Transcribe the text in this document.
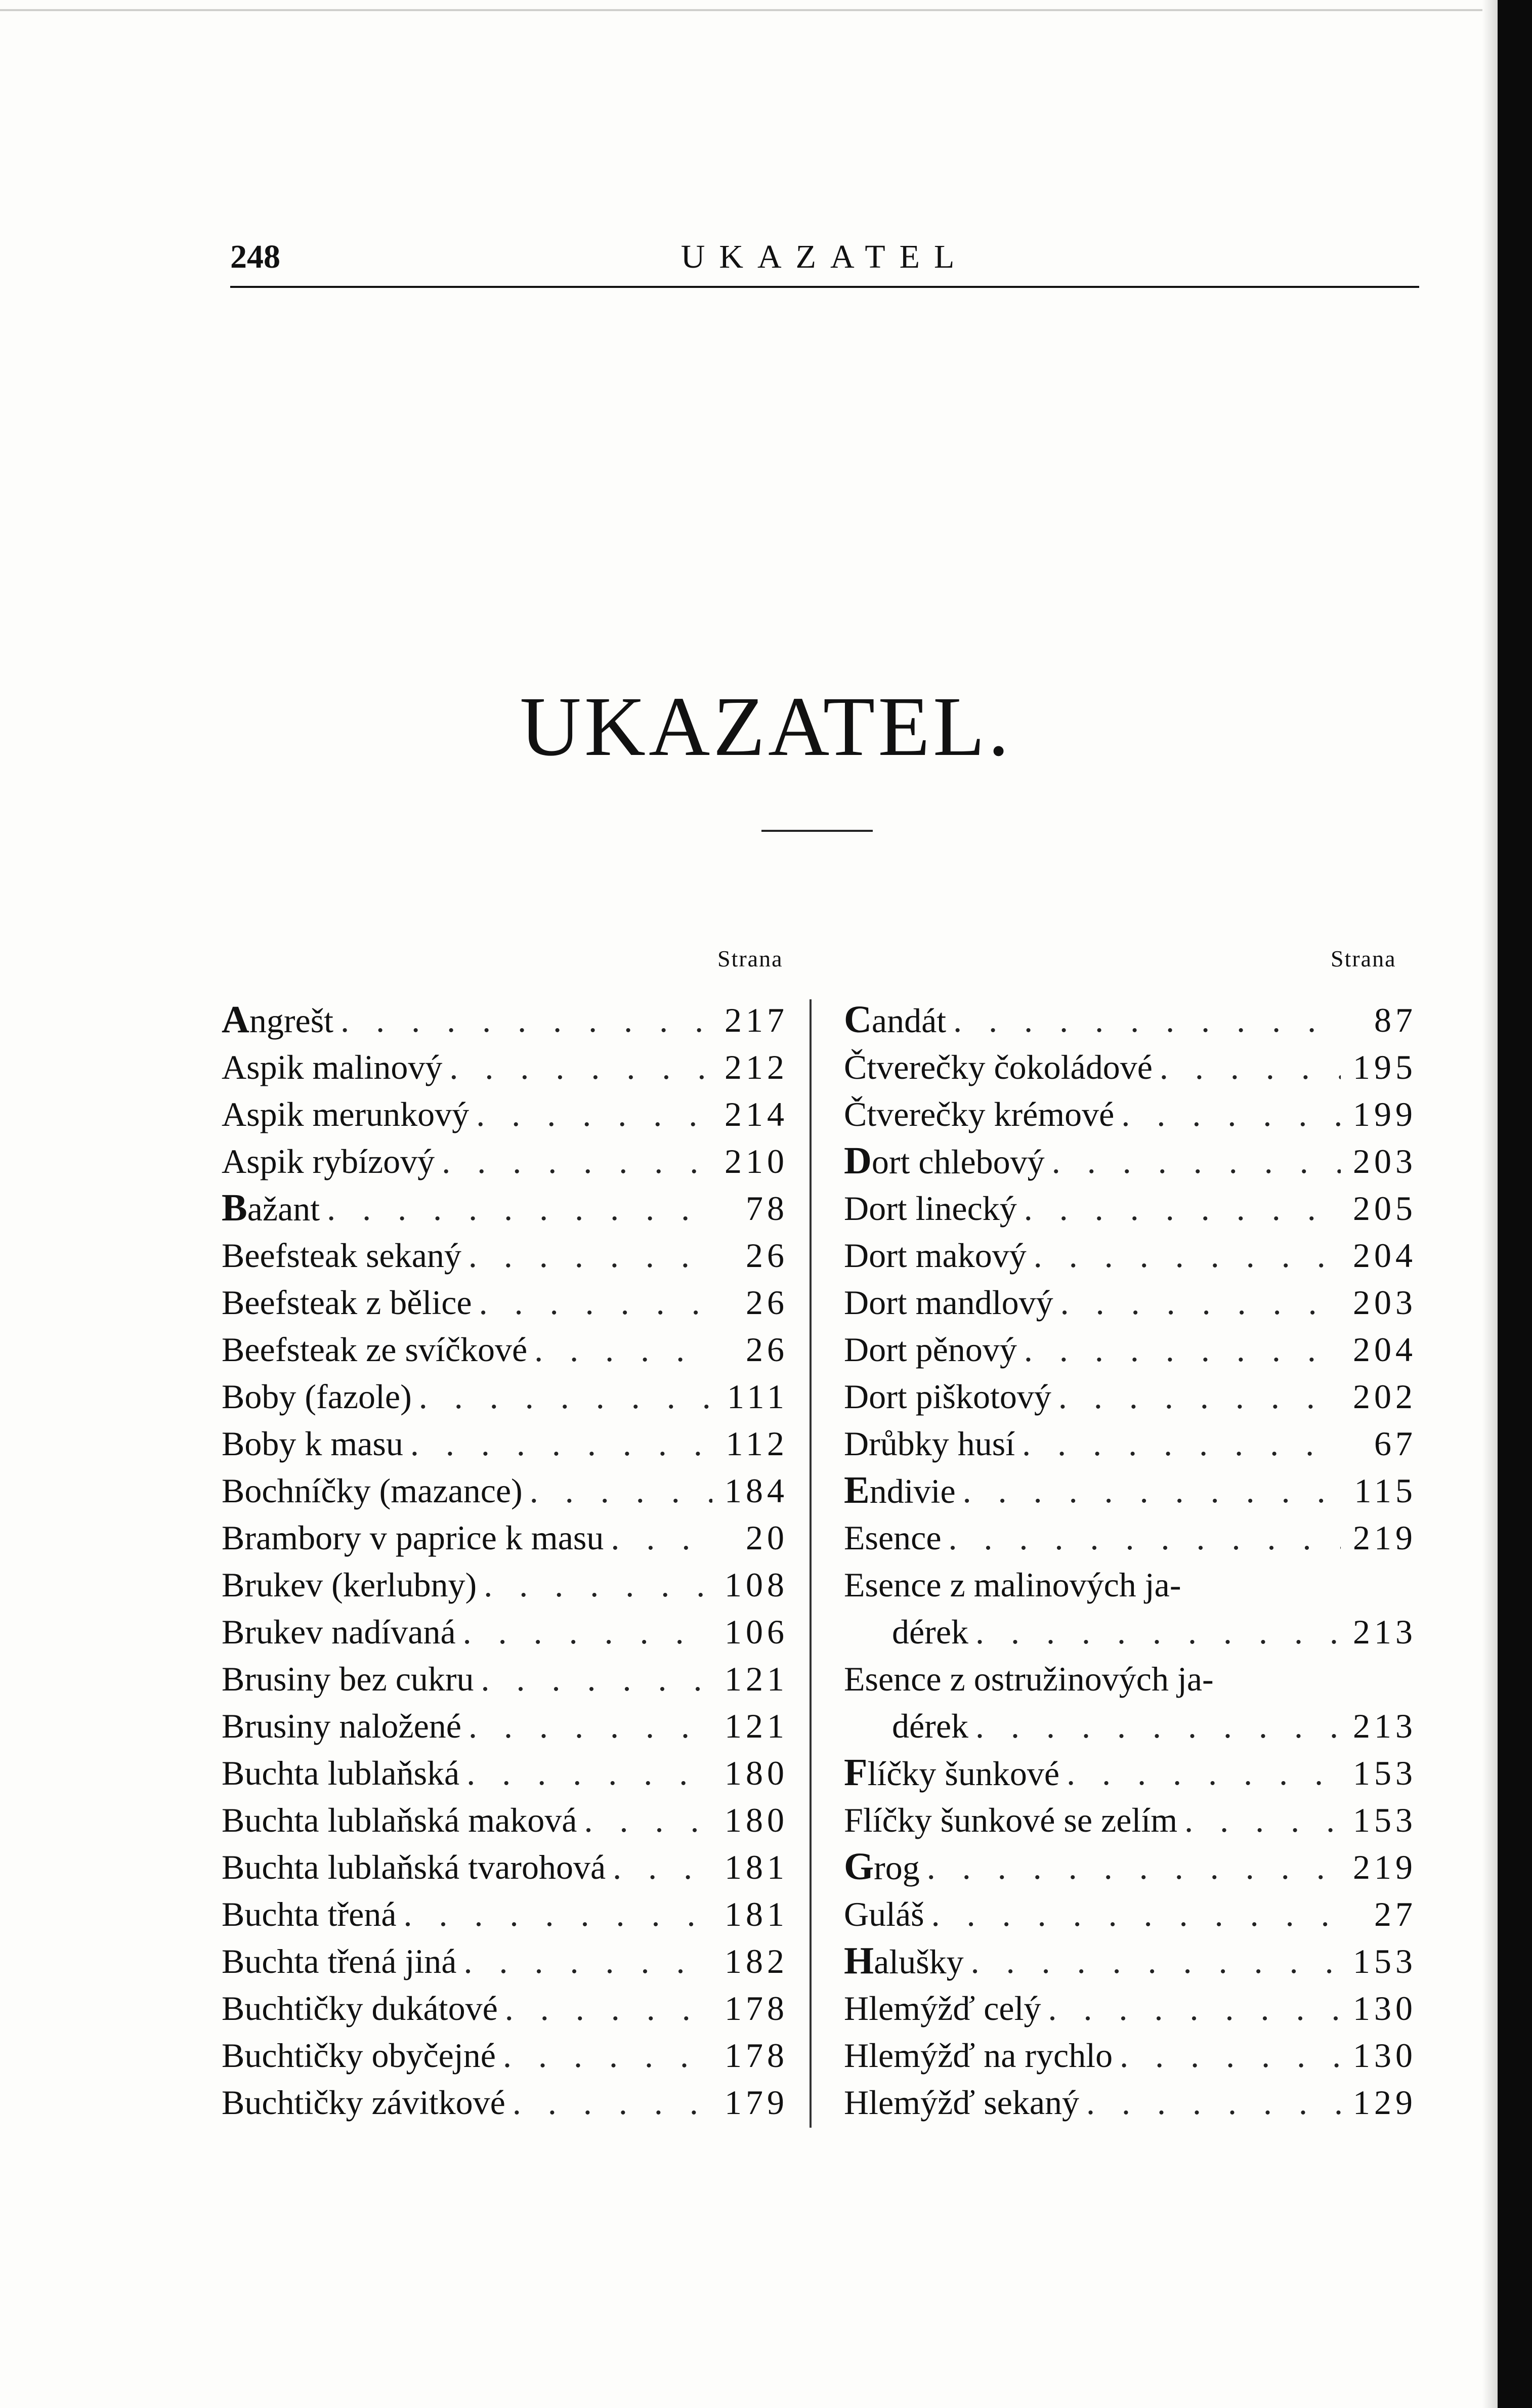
248	UKAZATEL
UKAZATEL.
Strana	Strana
Angrešt . . .	217
Aspik malinový . . .	212
Aspik merunkový . . .	214
Aspik rybízový . . .	210
Bažant . . .	78
Beefsteak sekaný . . .	26
Beefsteak z bělice . . .	26
Beefsteak ze svíčkové . . .	26
Boby (fazole) . . .	111
Boby k masu . . .	112
Bochníčky (mazance) . . .	184
Brambory v paprice k masu . . .	20
Brukev (kerlubny) . . .	108
Brukev nadívaná . . .	106
Brusiny bez cukru . . .	121
Brusiny naložené . . .	121
Buchta lublaňská . . .	180
Buchta lublaňská maková . . .	180
Buchta lublaňská tvarohová . . .	181
Buchta třená . . .	181
Buchta třená jiná . . .	182
Buchtičky dukátové . . .	178
Buchtičky obyčejné . . .	178
Buchtičky závitkové . . .	179
Candát . . .	87
Čtverečky čokoládové . . .	195
Čtverečky krémové . . .	199
Dort chlebový . . .	203
Dort linecký . . .	205
Dort makový . . .	204
Dort mandlový . . .	203
Dort pěnový . . .	204
Dort piškotový . . .	202
Drůbky husí . . .	67
Endivie . . .	115
Esence . . .	219
Esence z malinových ja-
dérek . . .	213
Esence z ostružinových ja-
dérek . . .	213
Flíčky šunkové . . .	153
Flíčky šunkové se zelím . . .	153
Grog . . .	219
Guláš . . .	27
Halušky . . .	153
Hlemýžď celý . . .	130
Hlemýžď na rychlo . . .	130
Hlemýžď sekaný . . .	129
